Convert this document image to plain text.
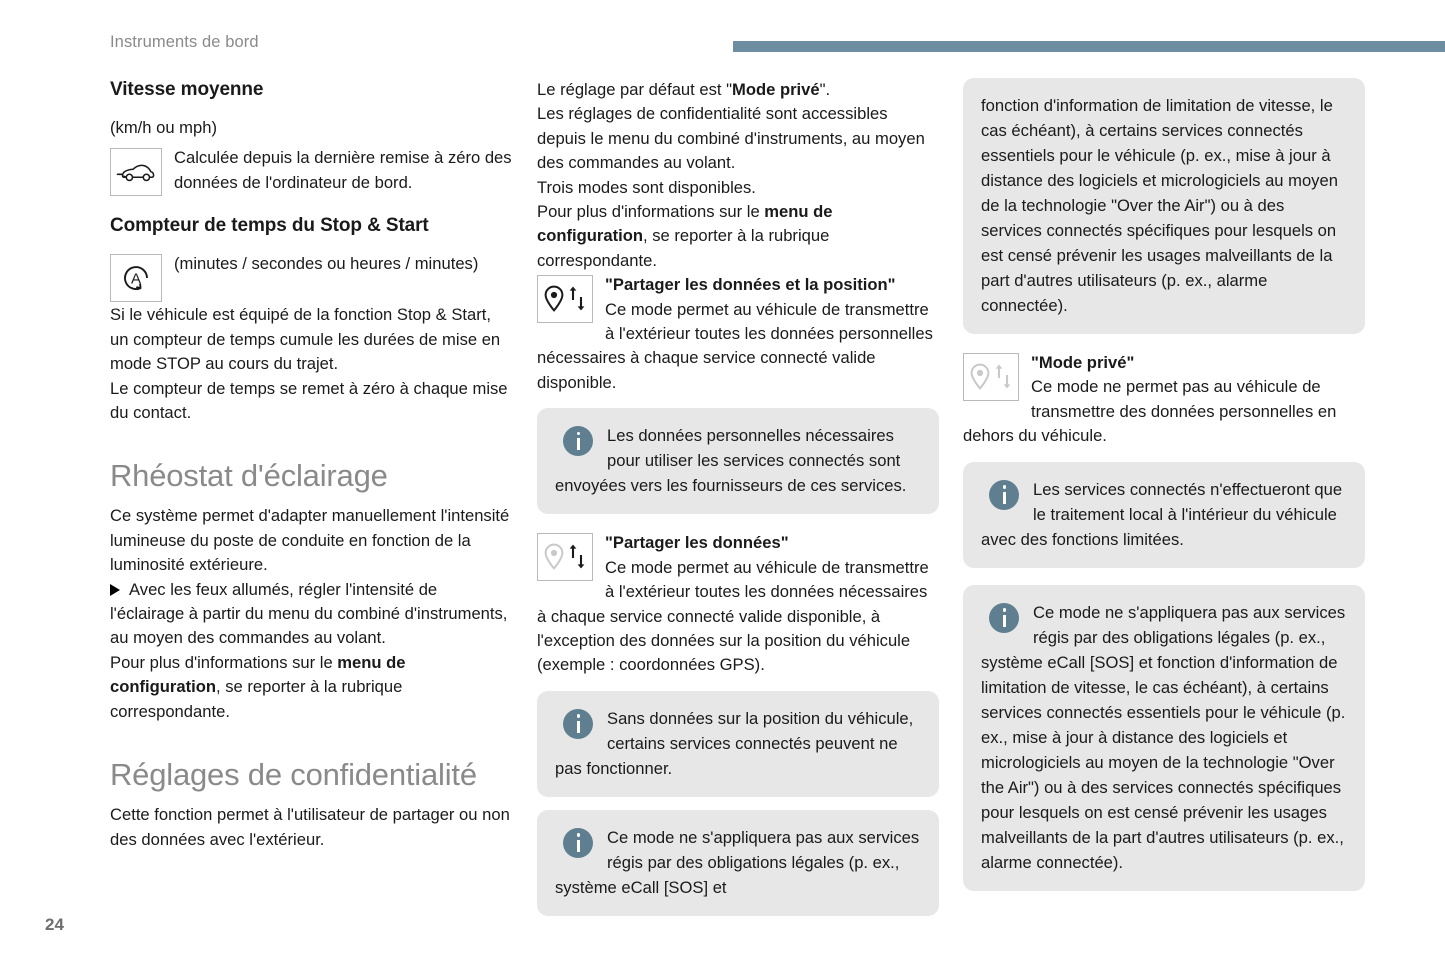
Instruments de bord
Vitesse moyenne

(km/h ou mph)

Calculée depuis la dernière remise à zéro des données de l'ordinateur de bord.
Compteur de temps du Stop & Start
A
(minutes / secondes ou heures / minutes)

Si le véhicule est équipé de la fonction Stop & Start, un compteur de temps cumule les durées de mise en mode STOP au cours du trajet.

Le compteur de temps se remet à zéro à chaque mise du contact.

Rhéostat d'éclairage

Ce système permet d'adapter manuellement l'intensité lumineuse du poste de conduite en fonction de la luminosité extérieure.

Avec les feux allumés, régler l'intensité de l'éclairage à partir du menu du combiné d'instruments, au moyen des commandes au volant.

Pour plus d'informations sur le menu de configuration, se reporter à la rubrique correspondante.

Réglages de confidentialité

Cette fonction permet à l'utilisateur de partager ou non des données avec l'extérieur.

Le réglage par défaut est "Mode privé".

Les réglages de confidentialité sont accessibles depuis le menu du combiné d'instruments, au moyen des commandes au volant.

Trois modes sont disponibles.

Pour plus d'informations sur le menu de configuration, se reporter à la rubrique correspondante.

"Partager les données et la position"
Ce mode permet au véhicule de transmettre à l'extérieur toutes les données personnelles nécessaires à chaque service connecté valide disponible.

Les données personnelles nécessaires pour utiliser les services connectés sont envoyées vers les fournisseurs de ces services.

"Partager les données"
Ce mode permet au véhicule de transmettre à l'extérieur toutes les données nécessaires à chaque service connecté valide disponible, à l'exception des données sur la position du véhicule (exemple : coordonnées GPS).

Sans données sur la position du véhicule, certains services connectés peuvent ne pas fonctionner.

Ce mode ne s'appliquera pas aux services régis par des obligations légales (p. ex., système eCall [SOS] et

fonction d'information de limitation de vitesse, le cas échéant), à certains services connectés essentiels pour le véhicule (p. ex., mise à jour à distance des logiciels et micrologiciels au moyen de la technologie "Over the Air") ou à des services connectés spécifiques pour lesquels on est censé prévenir les usages malveillants de la part d'autres utilisateurs (p. ex., alarme connectée).

"Mode privé"
Ce mode ne permet pas au véhicule de transmettre des données personnelles en dehors du véhicule.

Les services connectés n'effectueront que le traitement local à l'intérieur du véhicule avec des fonctions limitées.

Ce mode ne s'appliquera pas aux services régis par des obligations légales (p. ex., système eCall [SOS] et fonction d'information de limitation de vitesse, le cas échéant), à certains services connectés essentiels pour le véhicule (p. ex., mise à jour à distance des logiciels et micrologiciels au moyen de la technologie "Over the Air") ou à des services connectés spécifiques pour lesquels on est censé prévenir les usages malveillants de la part d'autres utilisateurs (p. ex., alarme connectée).

24
